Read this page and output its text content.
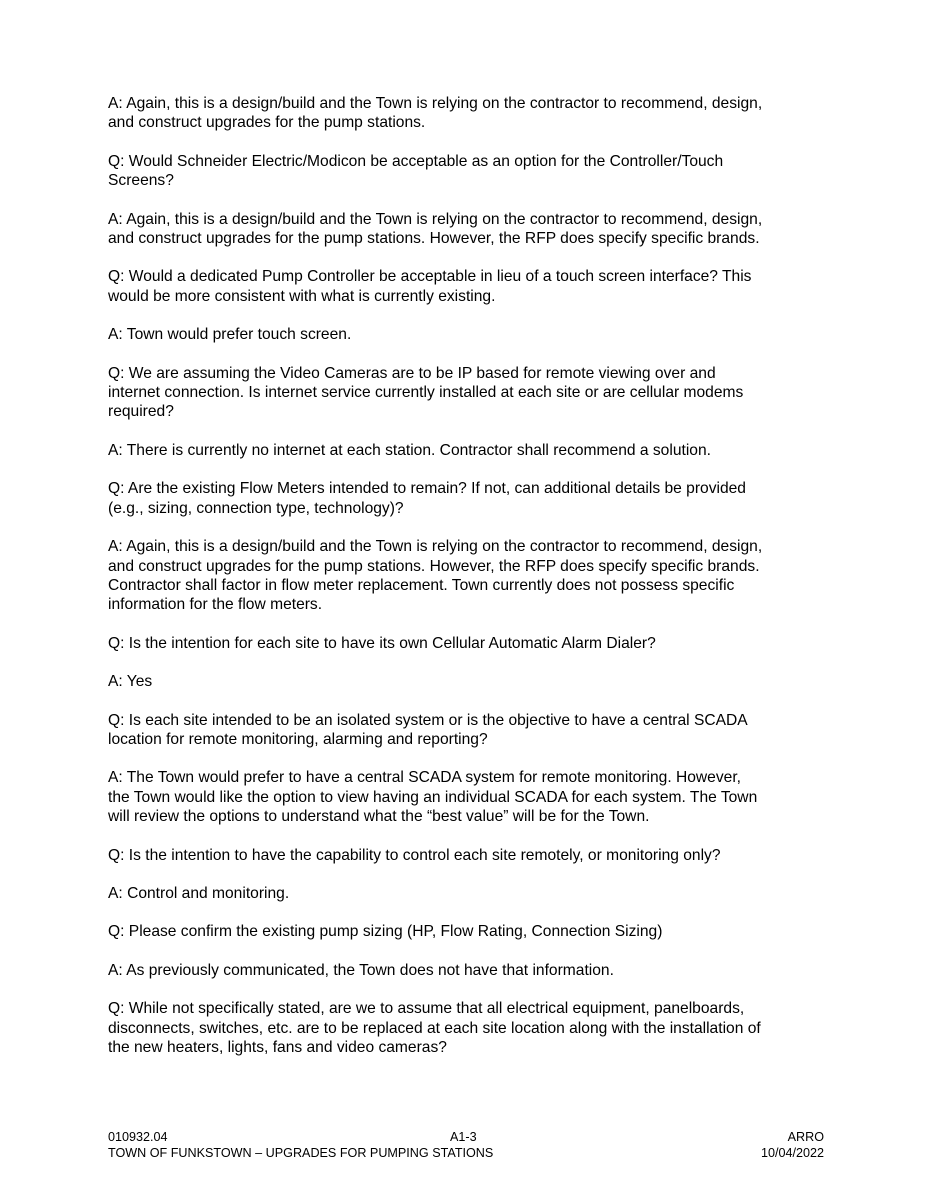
A: Again, this is a design/build and the Town is relying on the contractor to recommend, design,
and construct upgrades for the pump stations.

Q: Would Schneider Electric/Modicon be acceptable as an option for the Controller/Touch
Screens?

A: Again, this is a design/build and the Town is relying on the contractor to recommend, design,
and construct upgrades for the pump stations. However, the RFP does specify specific brands.

Q: Would a dedicated Pump Controller be acceptable in lieu of a touch screen interface? This
would be more consistent with what is currently existing.

A: Town would prefer touch screen.

Q: We are assuming the Video Cameras are to be IP based for remote viewing over and
internet connection. Is internet service currently installed at each site or are cellular modems
required?

A: There is currently no internet at each station. Contractor shall recommend a solution.

Q: Are the existing Flow Meters intended to remain? If not, can additional details be provided
(e.g., sizing, connection type, technology)?

A: Again, this is a design/build and the Town is relying on the contractor to recommend, design,
and construct upgrades for the pump stations. However, the RFP does specify specific brands.
Contractor shall factor in flow meter replacement. Town currently does not possess specific
information for the flow meters.

Q: Is the intention for each site to have its own Cellular Automatic Alarm Dialer?

A: Yes

Q: Is each site intended to be an isolated system or is the objective to have a central SCADA
location for remote monitoring, alarming and reporting?

A: The Town would prefer to have a central SCADA system for remote monitoring. However,
the Town would like the option to view having an individual SCADA for each system. The Town
will review the options to understand what the “best value” will be for the Town.

Q: Is the intention to have the capability to control each site remotely, or monitoring only?

A: Control and monitoring.

Q: Please confirm the existing pump sizing (HP, Flow Rating, Connection Sizing)

A: As previously communicated, the Town does not have that information.

Q: While not specifically stated, are we to assume that all electrical equipment, panelboards,
disconnects, switches, etc. are to be replaced at each site location along with the installation of
the new heaters, lights, fans and video cameras?

010932.04
TOWN OF FUNKSTOWN – UPGRADES FOR PUMPING STATIONS
A1-3	ARRO
10/04/2022
